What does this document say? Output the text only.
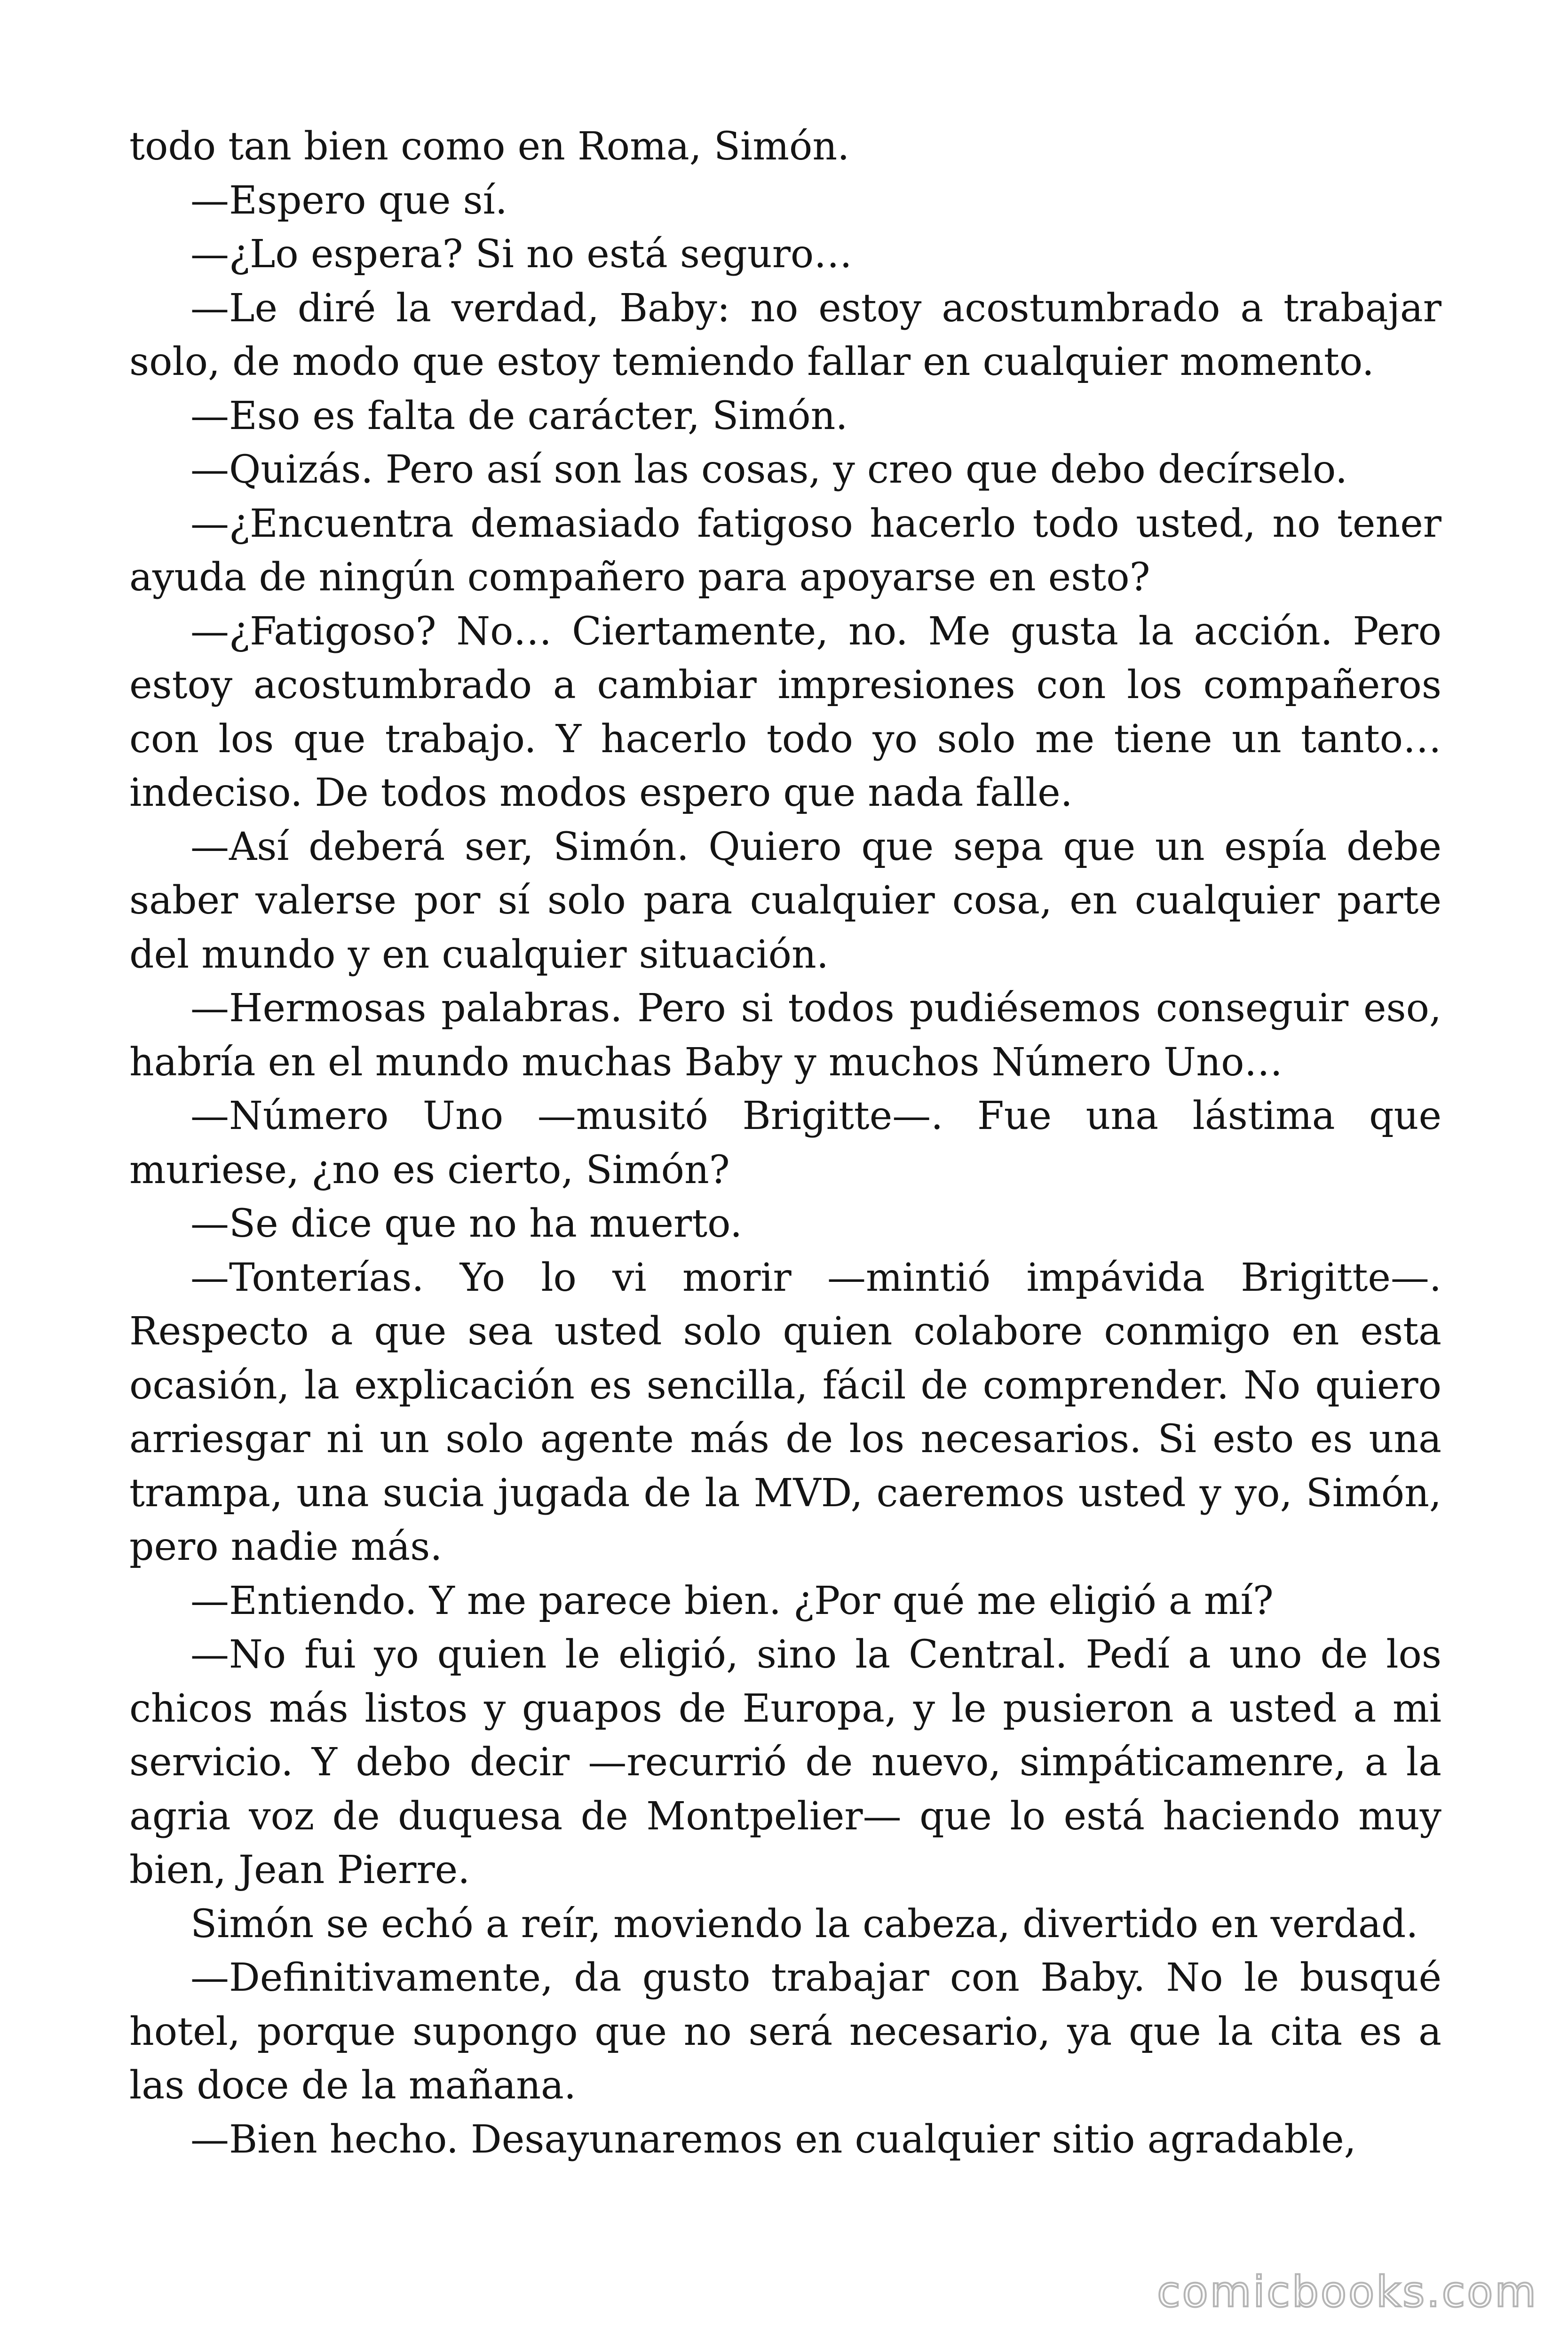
todo tan bien como en Roma, Simón.

—Espero que sí.

—¿Lo espera? Si no está seguro…

—Le diré la verdad, Baby: no estoy acostumbrado a trabajar solo, de modo que estoy temiendo fallar en cualquier momento.

—Eso es falta de carácter, Simón.

—Quizás. Pero así son las cosas, y creo que debo decírselo.

—¿Encuentra demasiado fatigoso hacerlo todo usted, no tener ayuda de ningún compañero para apoyarse en esto?

—¿Fatigoso? No… Ciertamente, no. Me gusta la acción. Pero estoy acostumbrado a cambiar impresiones con los compañeros con los que trabajo. Y hacerlo todo yo solo me tiene un tanto… indeciso. De todos modos espero que nada falle.

—Así deberá ser, Simón. Quiero que sepa que un espía debe saber valerse por sí solo para cualquier cosa, en cualquier parte del mundo y en cualquier situación.

—Hermosas palabras. Pero si todos pudiésemos conseguir eso, habría en el mundo muchas Baby y muchos Número Uno…

—Número Uno —musitó Brigitte—. Fue una lástima que muriese, ¿no es cierto, Simón?

—Se dice que no ha muerto.

—Tonterías. Yo lo vi morir —mintió impávida Brigitte—. Respecto a que sea usted solo quien colabore conmigo en esta ocasión, la explicación es sencilla, fácil de comprender. No quiero arriesgar ni un solo agente más de los necesarios. Si esto es una trampa, una sucia jugada de la MVD, caeremos usted y yo, Simón, pero nadie más.

—Entiendo. Y me parece bien. ¿Por qué me eligió a mí?

—No fui yo quien le eligió, sino la Central. Pedí a uno de los chicos más listos y guapos de Europa, y le pusieron a usted a mi servicio. Y debo decir —recurrió de nuevo, simpáticamenre, a la agria voz de duquesa de Montpelier— que lo está haciendo muy bien, Jean Pierre.

Simón se echó a reír, moviendo la cabeza, divertido en verdad.

—Definitivamente, da gusto trabajar con Baby. No le busqué hotel, porque supongo que no será necesario, ya que la cita es a las doce de la mañana.

—Bien hecho. Desayunaremos en cualquier sitio agradable,

comicbooks.com
